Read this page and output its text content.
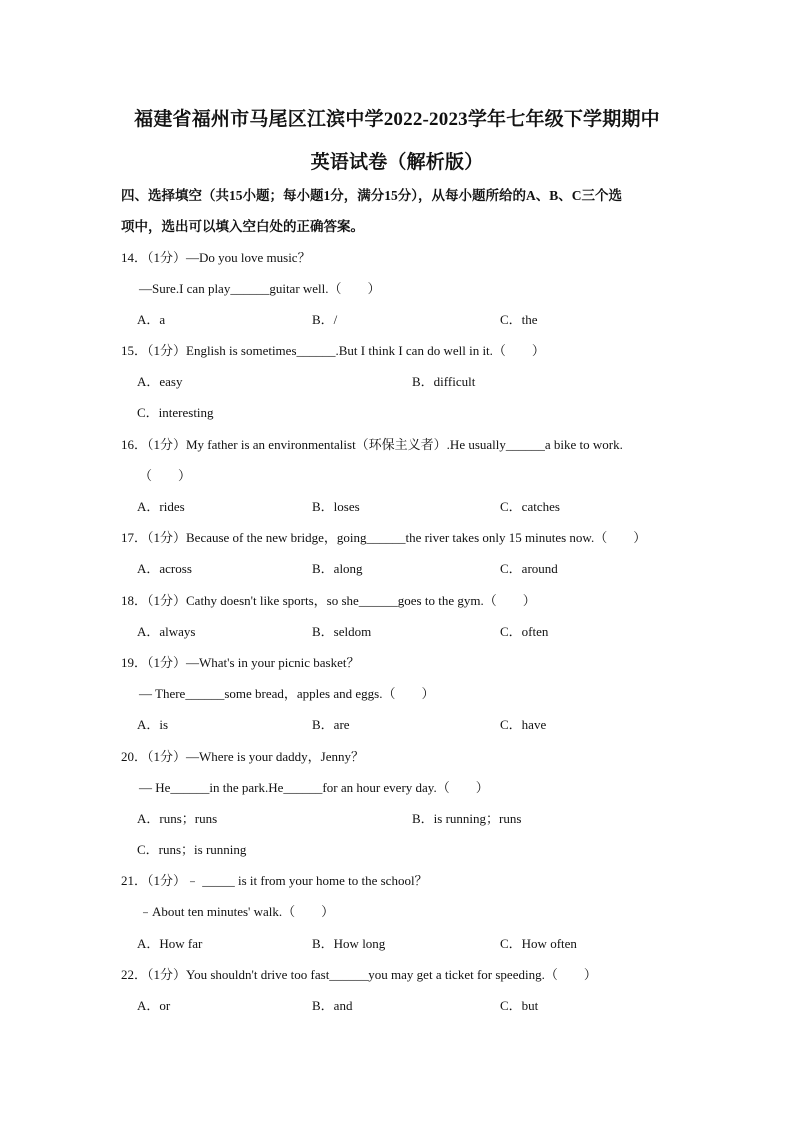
福建省福州市马尾区江滨中学2022-2023学年七年级下学期期中
英语试卷（解析版）
四、选择填空（共15小题；每小题1分，满分15分），从每小题所给的A、B、C三个选
项中，选出可以填入空白处的正确答案。
14．（1分）—Do you love music？
—Sure.I can play______guitar well.（　　）
A．a	B．/	C．the
15．（1分）English is sometimes______.But I think I can do well in it.（　　）
A．easy	B．difficult
C．interesting
16．（1分）My father is an environmentalist（环保主义者）.He usually______a bike to work.
（　　）
A．rides	B．loses	C．catches
17．（1分）Because of the new bridge，going______the river takes only 15 minutes now.（　　）
A．across	B．along	C．around
18．（1分）Cathy doesn't like sports，so she______goes to the gym.（　　）
A．always	B．seldom	C．often
19．（1分）—What's in your picnic basket？
— There______some bread，apples and eggs.（　　）
A．is	B．are	C．have
20．（1分）—Where is your daddy，Jenny？
— He______in the park.He______for an hour every day.（　　）
A．runs；runs	B．is running；runs
C．runs；is running
21．（1分）﹣ _____ is it from your home to the school？
﹣About ten minutes' walk.（　　）
A．How far	B．How long	C．How often
22．（1分）You shouldn't drive too fast______you may get a ticket for speeding.（　　）
A．or	B．and	C．but
